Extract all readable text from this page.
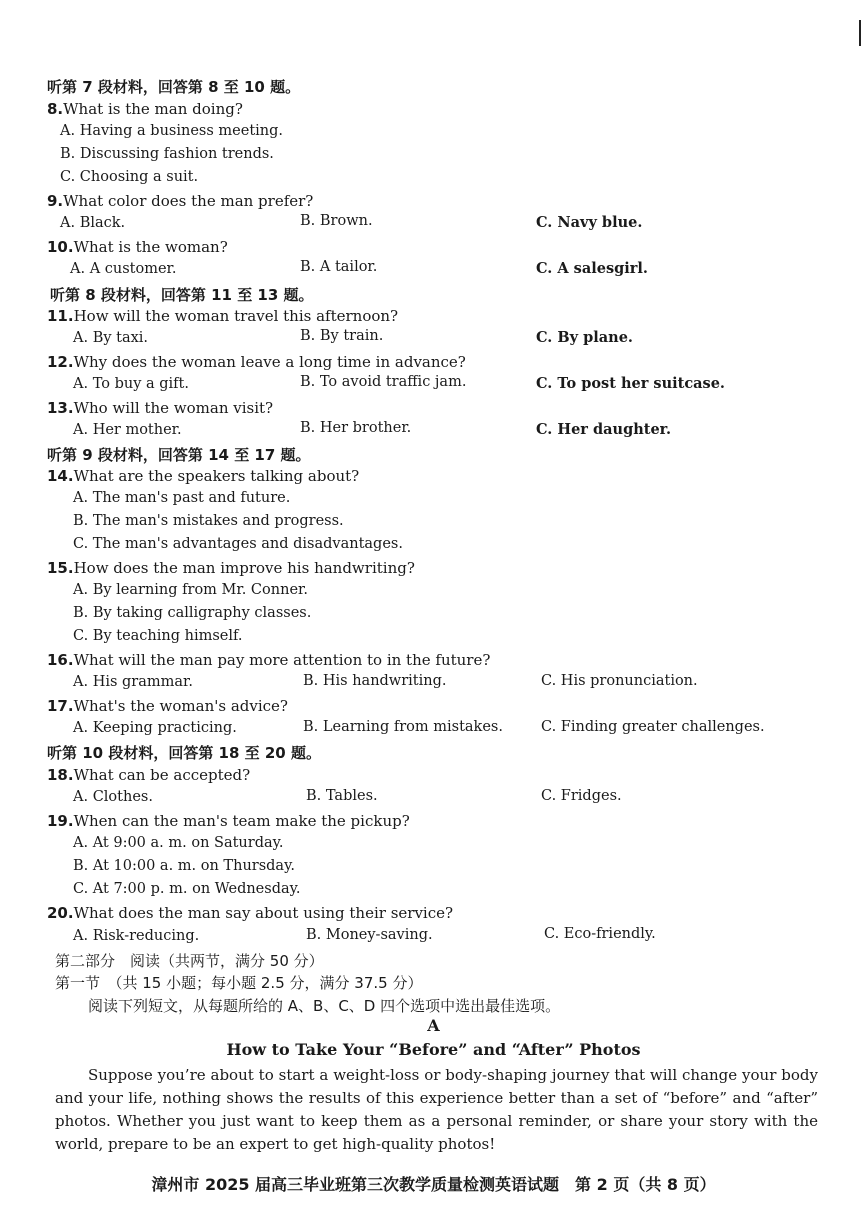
听第 7 段材料，回答第 8 至 10 题。
8.What is the man doing?
A. Having a business meeting.
B. Discussing fashion trends.
C. Choosing a suit.
9.What color does the man prefer?
A. Black.	B. Brown.	C. Navy blue.
10.What is the woman?
A. A customer.	B. A tailor.	C. A salesgirl.
听第 8 段材料，回答第 11 至 13 题。
11.How will the woman travel this afternoon?
A. By taxi.	B. By train.	C. By plane.
12.Why does the woman leave a long time in advance?
A. To buy a gift.	B. To avoid traffic jam.	C. To post her suitcase.
13.Who will the woman visit?
A. Her mother.	B. Her brother.	C. Her daughter.
听第 9 段材料，回答第 14 至 17 题。
14.What are the speakers talking about?
A. The man's past and future.
B. The man's mistakes and progress.
C. The man's advantages and disadvantages.
15.How does the man improve his handwriting?
A. By learning from Mr. Conner.
B. By taking calligraphy classes.
C. By teaching himself.
16.What will the man pay more attention to in the future?
A. His grammar.	B. His handwriting.	C. His pronunciation.
17.What's the woman's advice?
A. Keeping practicing.	B. Learning from mistakes.	C. Finding greater challenges.
听第 10 段材料，回答第 18 至 20 题。
18.What can be accepted?
A. Clothes.	B. Tables.	C. Fridges.
19.When can the man's team make the pickup?
A. At 9:00 a. m. on Saturday.
B. At 10:00 a. m. on Thursday.
C. At 7:00 p. m. on Wednesday.
20.What does the man say about using their service?
A. Risk-reducing.	B. Money-saving.	C. Eco-friendly.
第二部分　阅读（共两节，满分 50 分）
第一节　（共 15 小题；每小题 2.5 分，满分 37.5 分）
阅读下列短文，从每题所给的 A、B、C、D 四个选项中选出最佳选项。
A
How to Take Your “Before” and “After” Photos
Suppose you’re about to start a weight-loss or body-shaping journey that will change your body and your life, nothing shows the results of this experience better than a set of “before” and “after” photos. Whether you just want to keep them as a personal reminder, or share your story with the world, prepare to be an expert to get high-quality photos!
漳州市 2025 届高三毕业班第三次教学质量检测英语试题　第 2 页（共 8 页）
